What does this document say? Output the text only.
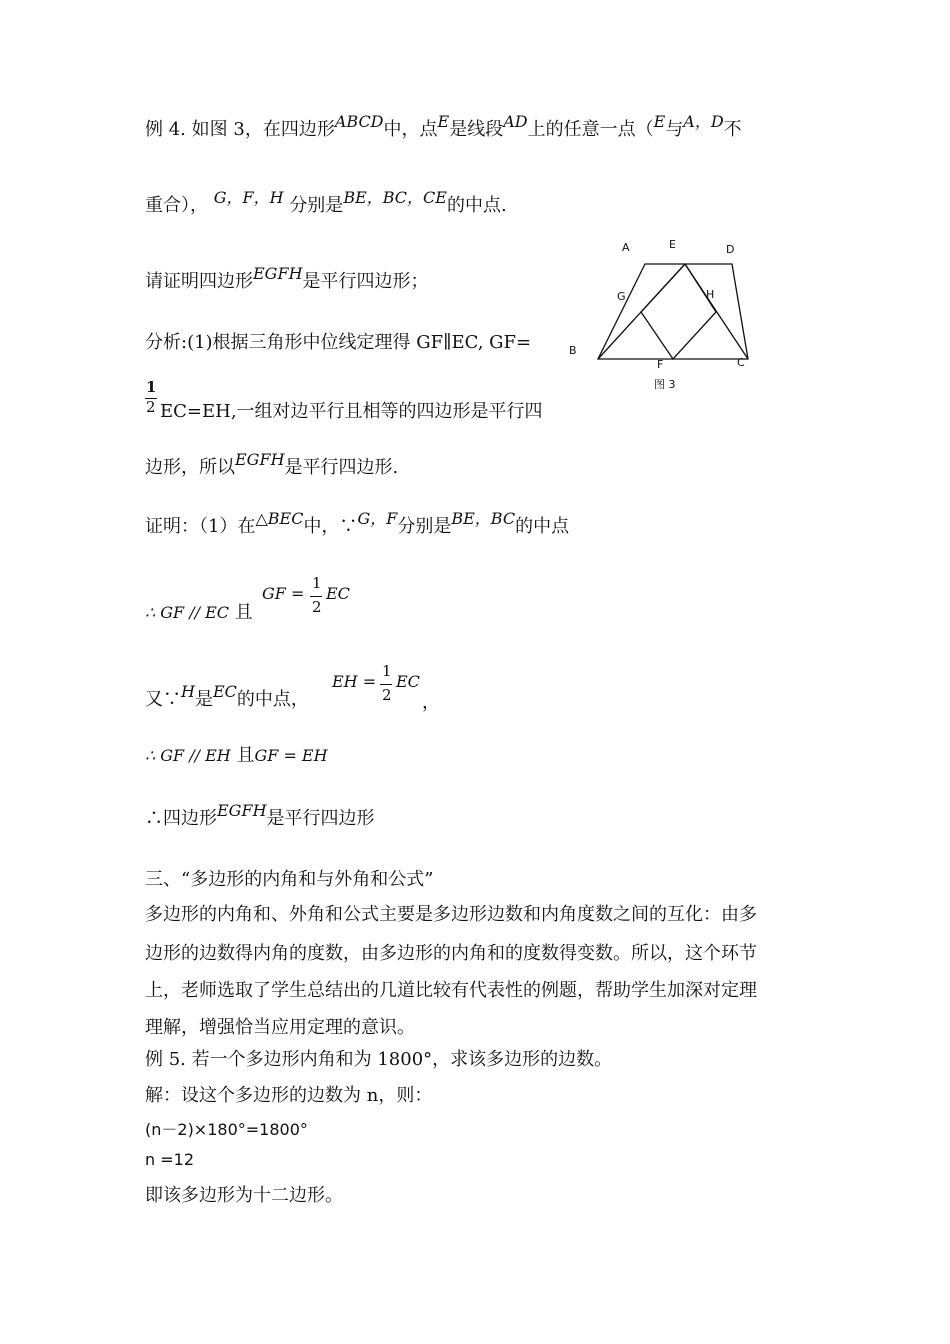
例 4. 如图 3，在四边形ABCD中，点E是线段AD上的任意一点（E与A，D不
重合）， G，F，H 分别是BE，BC，CE的中点.
请证明四边形EGFH是平行四边形；
分析:(1)根据三角形中位线定理得 GF∥EC, GF=
1
2 EC=EH,一组对边平行且相等的四边形是平行四
边形，所以EGFH是平行四边形.
证明：（1）在△BEC中，∵G，F分别是BE，BC的中点
∴ GF // EC 且
GF =
1
2
EC
又∵H是EC的中点，
EH =
1
2
EC
，
∴ GF // EH 且GF = EH
∴四边形EGFH是平行四边形
三、“多边形的内角和与外角和公式”
多边形的内角和、外角和公式主要是多边形边数和内角度数之间的互化：由多
边形的边数得内角的度数，由多边形的内角和的度数得变数。所以，这个环节
上，老师选取了学生总结出的几道比较有代表性的例题，帮助学生加深对定理
理解，增强恰当应用定理的意识。
例 5. 若一个多边形内角和为 1800°，求该多边形的边数。
解：设这个多边形的边数为 n，则：
(n－2)×180°=1800°
n =12
即该多边形为十二边形。
A	E	D
G	H
B
F	C
图 3
